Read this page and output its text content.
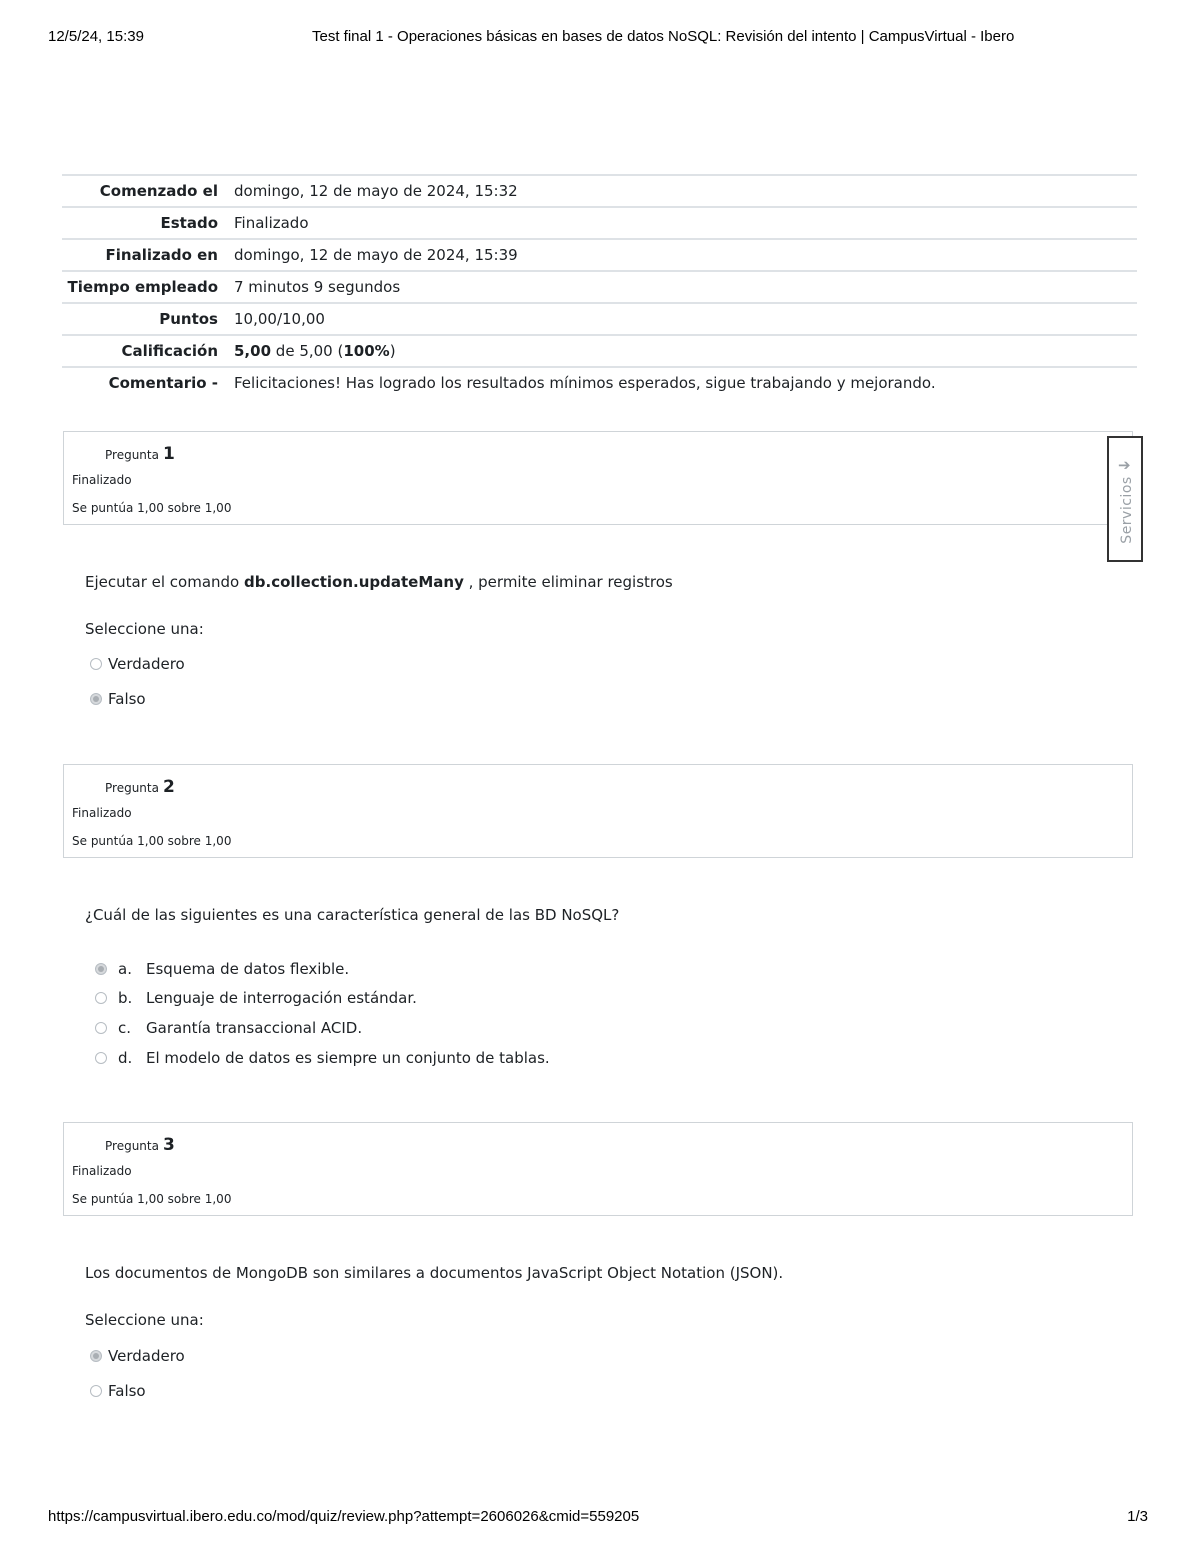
12/5/24, 15:39	Test final 1 - Operaciones básicas en bases de datos NoSQL: Revisión del intento | CampusVirtual - Ibero
Comenzado el	domingo, 12 de mayo de 2024, 15:32
Estado	Finalizado
Finalizado en	domingo, 12 de mayo de 2024, 15:39
Tiempo empleado	7 minutos 9 segundos
Puntos	10,00/10,00
Calificación	5,00 de 5,00 (100%)
Comentario -	Felicitaciones! Has logrado los resultados mínimos esperados, sigue trabajando y mejorando.
Pregunta 1
Finalizado
Se puntúa 1,00 sobre 1,00
Ejecutar el comando db.collection.updateMany , permite eliminar registros
Seleccione una:
Verdadero
Falso
Pregunta 2
Finalizado
Se puntúa 1,00 sobre 1,00
¿Cuál de las siguientes es una característica general de las BD NoSQL?
a. Esquema de datos flexible.
b. Lenguaje de interrogación estándar.
c. Garantía transaccional ACID.
d. El modelo de datos es siempre un conjunto de tablas.
Pregunta 3
Finalizado
Se puntúa 1,00 sobre 1,00
Los documentos de MongoDB son similares a documentos JavaScript Object Notation (JSON).
Seleccione una:
Verdadero
Falso
➔
Servicios
https://campusvirtual.ibero.edu.co/mod/quiz/review.php?attempt=2606026&cmid=559205	1/3
